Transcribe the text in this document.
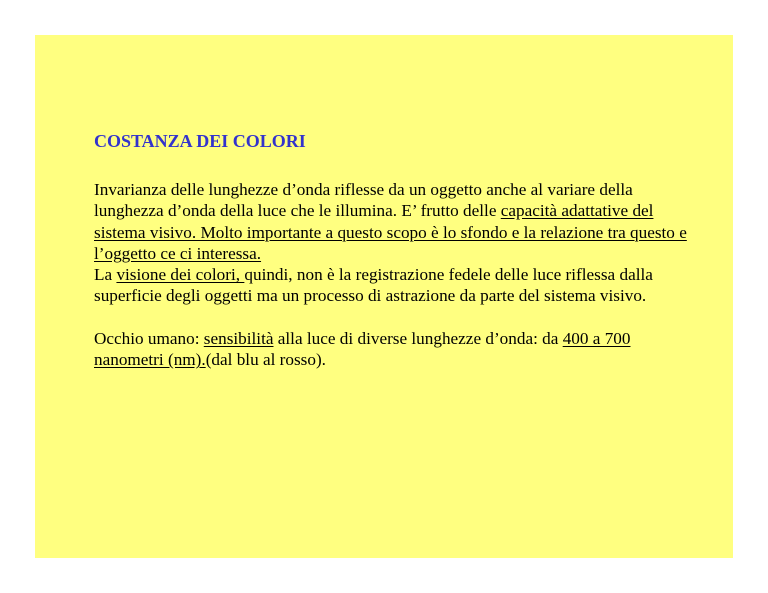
COSTANZA DEI COLORI

Invarianza delle lunghezze d’onda riflesse da un oggetto anche al variare della lunghezza d’onda della luce che le illumina. E’ frutto delle capacità adattative del sistema visivo. Molto importante a questo scopo è lo sfondo e la relazione tra questo e l’oggetto ce ci interessa.

La visione dei colori, quindi, non è la registrazione fedele delle luce riflessa dalla superficie degli oggetti ma un processo di astrazione da parte del sistema visivo.

Occhio umano: sensibilità alla luce di diverse lunghezze d’onda: da 400 a 700 nanometri (nm).(dal blu al rosso).
